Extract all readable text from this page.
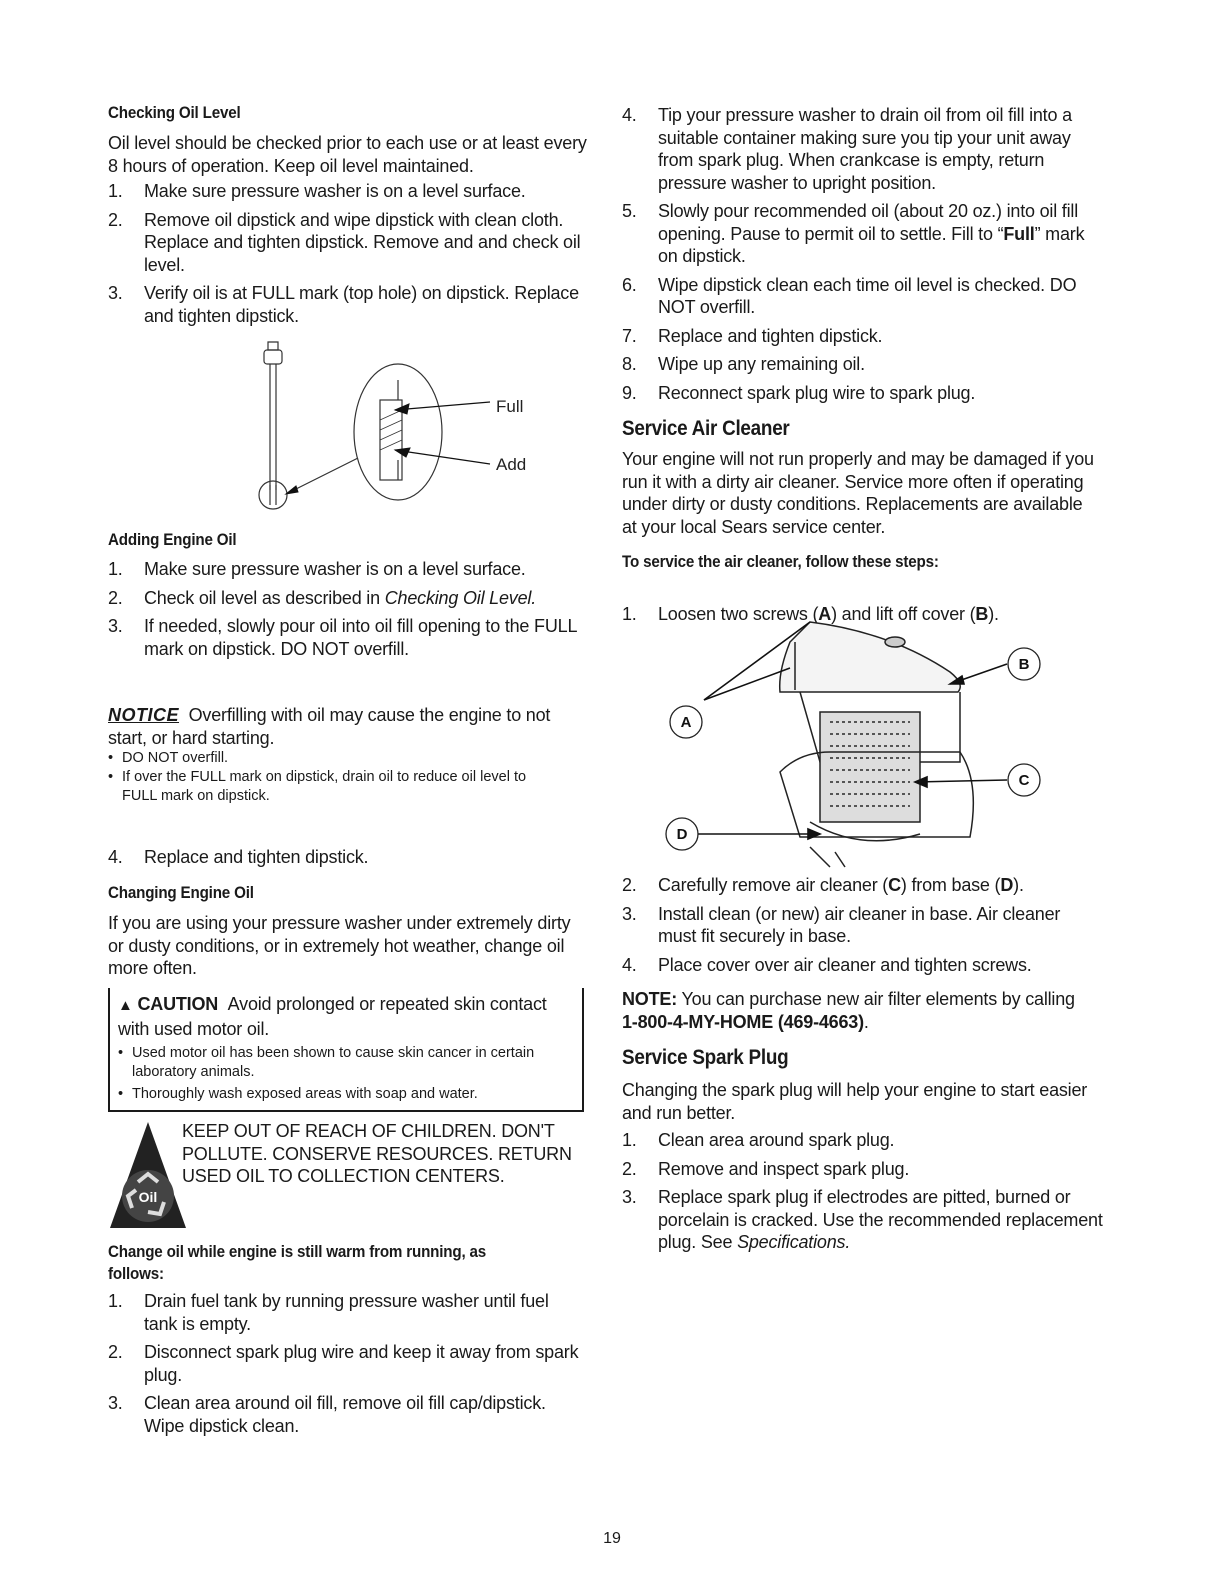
Checking Oil Level
Oil level should be checked prior to each use or at least every
8 hours of operation. Keep oil level maintained.
1. Make sure pressure washer is on a level surface.
2. Remove oil dipstick and wipe dipstick with clean cloth.
Replace and tighten dipstick. Remove and and check oil
level.
3. Verify oil is at FULL mark (top hole) on dipstick. Replace
and tighten dipstick.
Full
Add
Adding Engine Oil
1. Make sure pressure washer is on a level surface.
2. Check oil level as described in Checking Oil Level.
3. If needed, slowly pour oil into oil fill opening to the FULL
mark on dipstick. DO NOT overfill.
NOTICE Overfilling with oil may cause the engine to not
start, or hard starting.
• DO NOT overfill.
• If over the FULL mark on dipstick, drain oil to reduce oil level to
FULL mark on dipstick.
4. Replace and tighten dipstick.
Changing Engine Oil
If you are using your pressure washer under extremely dirty
or dusty conditions, or in extremely hot weather, change oil
more often.
▲ CAUTION Avoid prolonged or repeated skin contact
with used motor oil.
• Used motor oil has been shown to cause skin cancer in certain
laboratory animals.
• Thoroughly wash exposed areas with soap and water.
Oil
KEEP OUT OF REACH OF CHILDREN. DON'T
POLLUTE. CONSERVE RESOURCES. RETURN
USED OIL TO COLLECTION CENTERS.
Change oil while engine is still warm from running, as
follows:
1. Drain fuel tank by running pressure washer until fuel
tank is empty.
2. Disconnect spark plug wire and keep it away from spark
plug.
3. Clean area around oil fill, remove oil fill cap/dipstick.
Wipe dipstick clean.
4. Tip your pressure washer to drain oil from oil fill into a
suitable container making sure you tip your unit away
from spark plug. When crankcase is empty, return
pressure washer to upright position.
5. Slowly pour recommended oil (about 20 oz.) into oil fill
opening. Pause to permit oil to settle. Fill to “Full” mark
on dipstick.
6. Wipe dipstick clean each time oil level is checked. DO
NOT overfill.
7. Replace and tighten dipstick.
8. Wipe up any remaining oil.
9. Reconnect spark plug wire to spark plug.
Service Air Cleaner
Your engine will not run properly and may be damaged if you
run it with a dirty air cleaner. Service more often if operating
under dirty or dusty conditions. Replacements are available
at your local Sears service center.
To service the air cleaner, follow these steps:
1. Loosen two screws (A) and lift off cover (B).
A
B
C
D
2. Carefully remove air cleaner (C) from base (D).
3. Install clean (or new) air cleaner in base. Air cleaner
must fit securely in base.
4. Place cover over air cleaner and tighten screws.
NOTE: You can purchase new air filter elements by calling
1-800-4-MY-HOME (469-4663).
Service Spark Plug
Changing the spark plug will help your engine to start easier
and run better.
1. Clean area around spark plug.
2. Remove and inspect spark plug.
3. Replace spark plug if electrodes are pitted, burned or
porcelain is cracked. Use the recommended replacement
plug. See Specifications.
19
